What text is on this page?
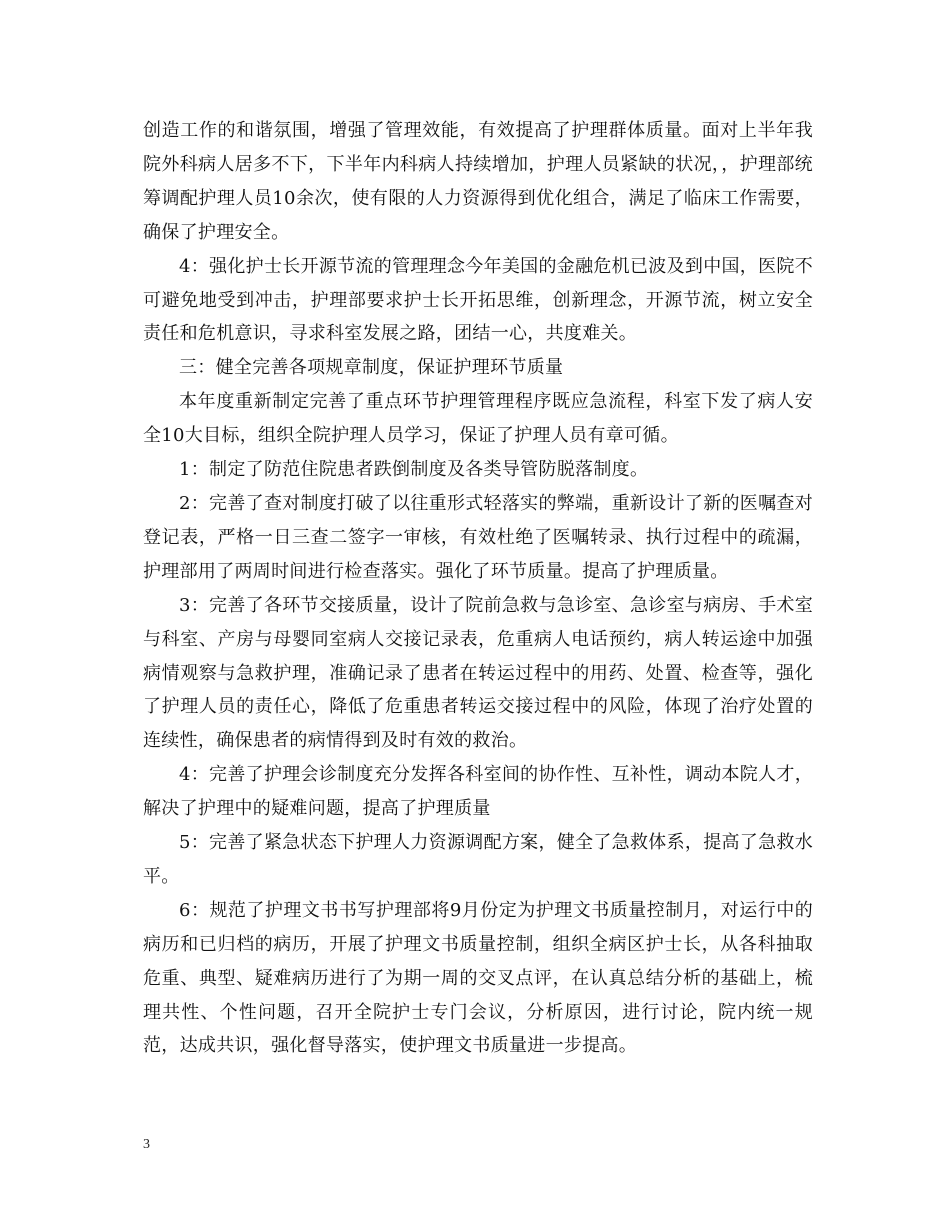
创造工作的和谐氛围，增强了管理效能，有效提高了护理群体质量。面对上半年我院外科病人居多不下，下半年内科病人持续增加，护理人员紧缺的状况，，护理部统筹调配护理人员10余次，使有限的人力资源得到优化组合，满足了临床工作需要，确保了护理安全。

4：强化护士长开源节流的管理理念今年美国的金融危机已波及到中国，医院不可避免地受到冲击，护理部要求护士长开拓思维，创新理念，开源节流，树立安全责任和危机意识，寻求科室发展之路，团结一心，共度难关。

三：健全完善各项规章制度，保证护理环节质量

本年度重新制定完善了重点环节护理管理程序既应急流程，科室下发了病人安全10大目标，组织全院护理人员学习，保证了护理人员有章可循。

1：制定了防范住院患者跌倒制度及各类导管防脱落制度。

2：完善了查对制度打破了以往重形式轻落实的弊端，重新设计了新的医嘱查对登记表，严格一日三查二签字一审核，有效杜绝了医嘱转录、执行过程中的疏漏，护理部用了两周时间进行检查落实。强化了环节质量。提高了护理质量。

3：完善了各环节交接质量，设计了院前急救与急诊室、急诊室与病房、手术室与科室、产房与母婴同室病人交接记录表，危重病人电话预约，病人转运途中加强病情观察与急救护理，准确记录了患者在转运过程中的用药、处置、检查等，强化了护理人员的责任心，降低了危重患者转运交接过程中的风险，体现了治疗处置的连续性，确保患者的病情得到及时有效的救治。

4：完善了护理会诊制度充分发挥各科室间的协作性、互补性，调动本院人才，解决了护理中的疑难问题，提高了护理质量

5：完善了紧急状态下护理人力资源调配方案，健全了急救体系，提高了急救水平。

6：规范了护理文书书写护理部将9月份定为护理文书质量控制月，对运行中的病历和已归档的病历，开展了护理文书质量控制，组织全病区护士长，从各科抽取危重、典型、疑难病历进行了为期一周的交叉点评，在认真总结分析的基础上，梳理共性、个性问题，召开全院护士专门会议，分析原因，进行讨论，院内统一规范，达成共识，强化督导落实，使护理文书质量进一步提高。

3
